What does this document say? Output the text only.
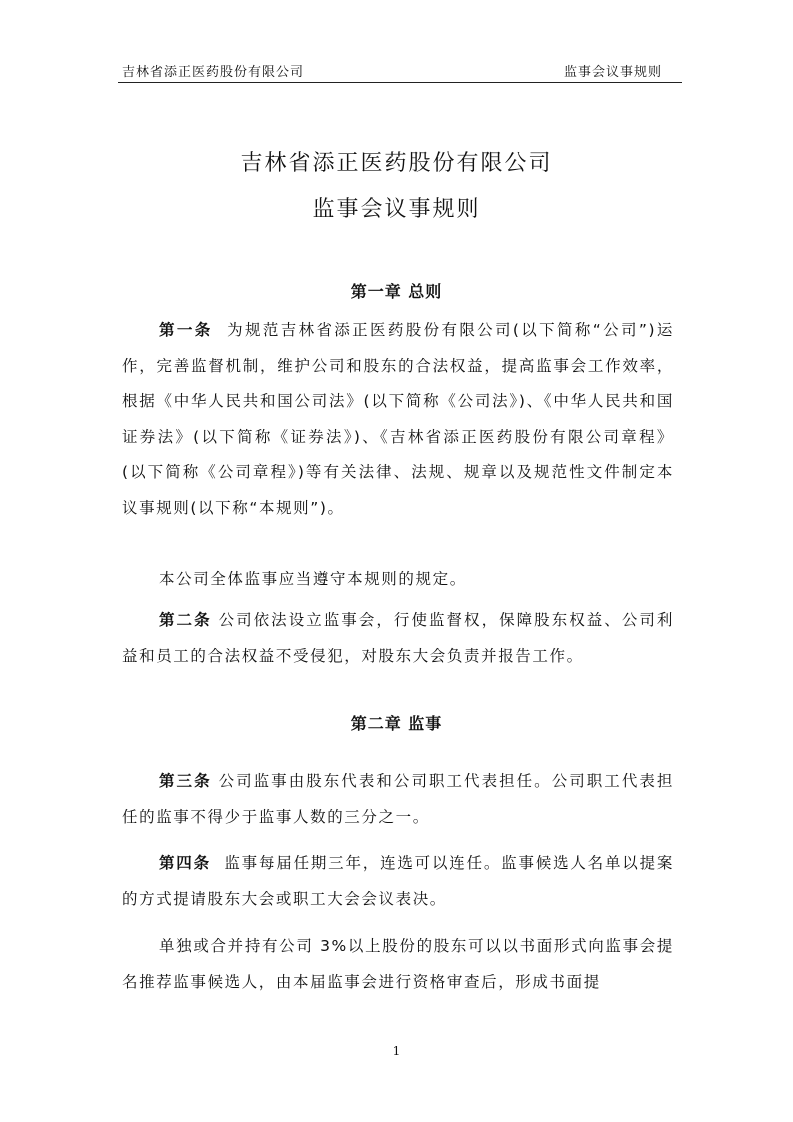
吉林省添正医药股份有限公司	监事会议事规则
吉林省添正医药股份有限公司
监事会议事规则
第一章 总则

第一条 为规范吉林省添正医药股份有限公司(以下简称“公司”)运作，完善监督机制，维护公司和股东的合法权益，提高监事会工作效率，根据《中华人民共和国公司法》(以下简称《公司法》)、《中华人民共和国证券法》(以下简称《证券法》)、《吉林省添正医药股份有限公司章程》(以下简称《公司章程》)等有关法律、法规、规章以及规范性文件制定本议事规则(以下称“本规则”)。

本公司全体监事应当遵守本规则的规定。

第二条 公司依法设立监事会，行使监督权，保障股东权益、公司利益和员工的合法权益不受侵犯，对股东大会负责并报告工作。

第二章 监事

第三条 公司监事由股东代表和公司职工代表担任。公司职工代表担任的监事不得少于监事人数的三分之一。

第四条 监事每届任期三年，连选可以连任。监事候选人名单以提案的方式提请股东大会或职工大会会议表决。

单独或合并持有公司 3%以上股份的股东可以以书面形式向监事会提名推荐监事候选人，由本届监事会进行资格审查后，形成书面提

1
